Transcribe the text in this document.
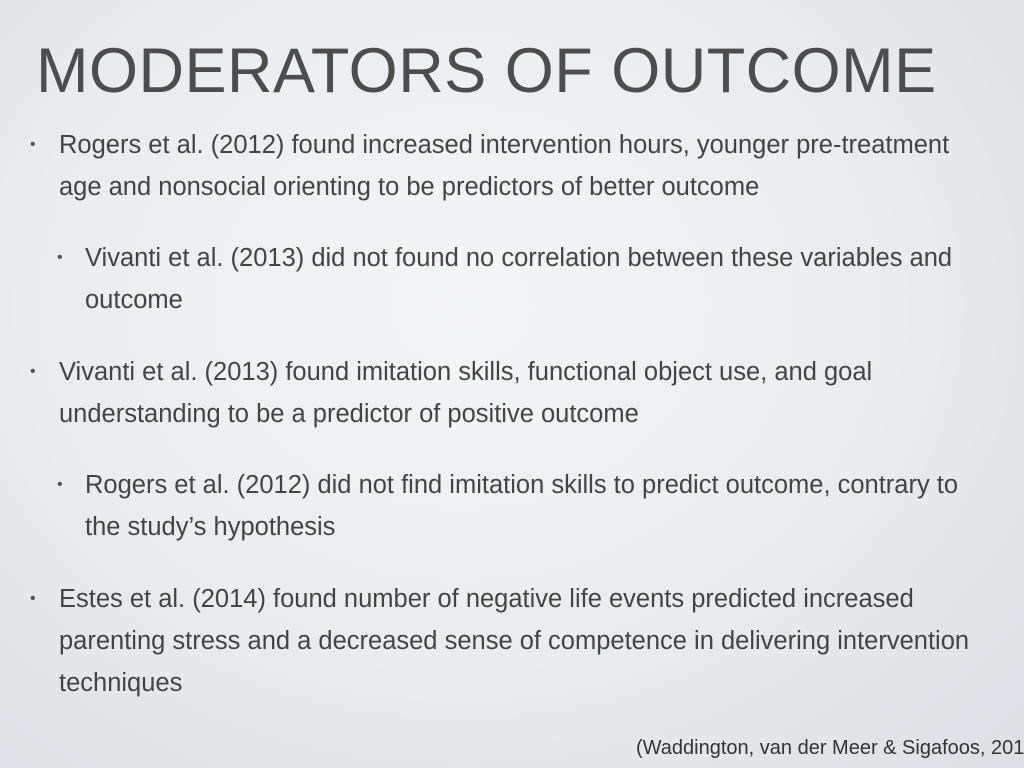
MODERATORS OF OUTCOME
• Rogers et al. (2012) found increased intervention hours, younger pre-treatment age and nonsocial orienting to be predictors of better outcome
• Vivanti et al. (2013) did not found no correlation between these variables and outcome
• Vivanti et al. (2013) found imitation skills, functional object use, and goal understanding to be a predictor of positive outcome
• Rogers et al. (2012) did not find imitation skills to predict outcome, contrary to the study’s hypothesis
• Estes et al. (2014) found number of negative life events predicted increased parenting stress and a decreased sense of competence in delivering intervention techniques
(Waddington, van der Meer & Sigafoos, 201
